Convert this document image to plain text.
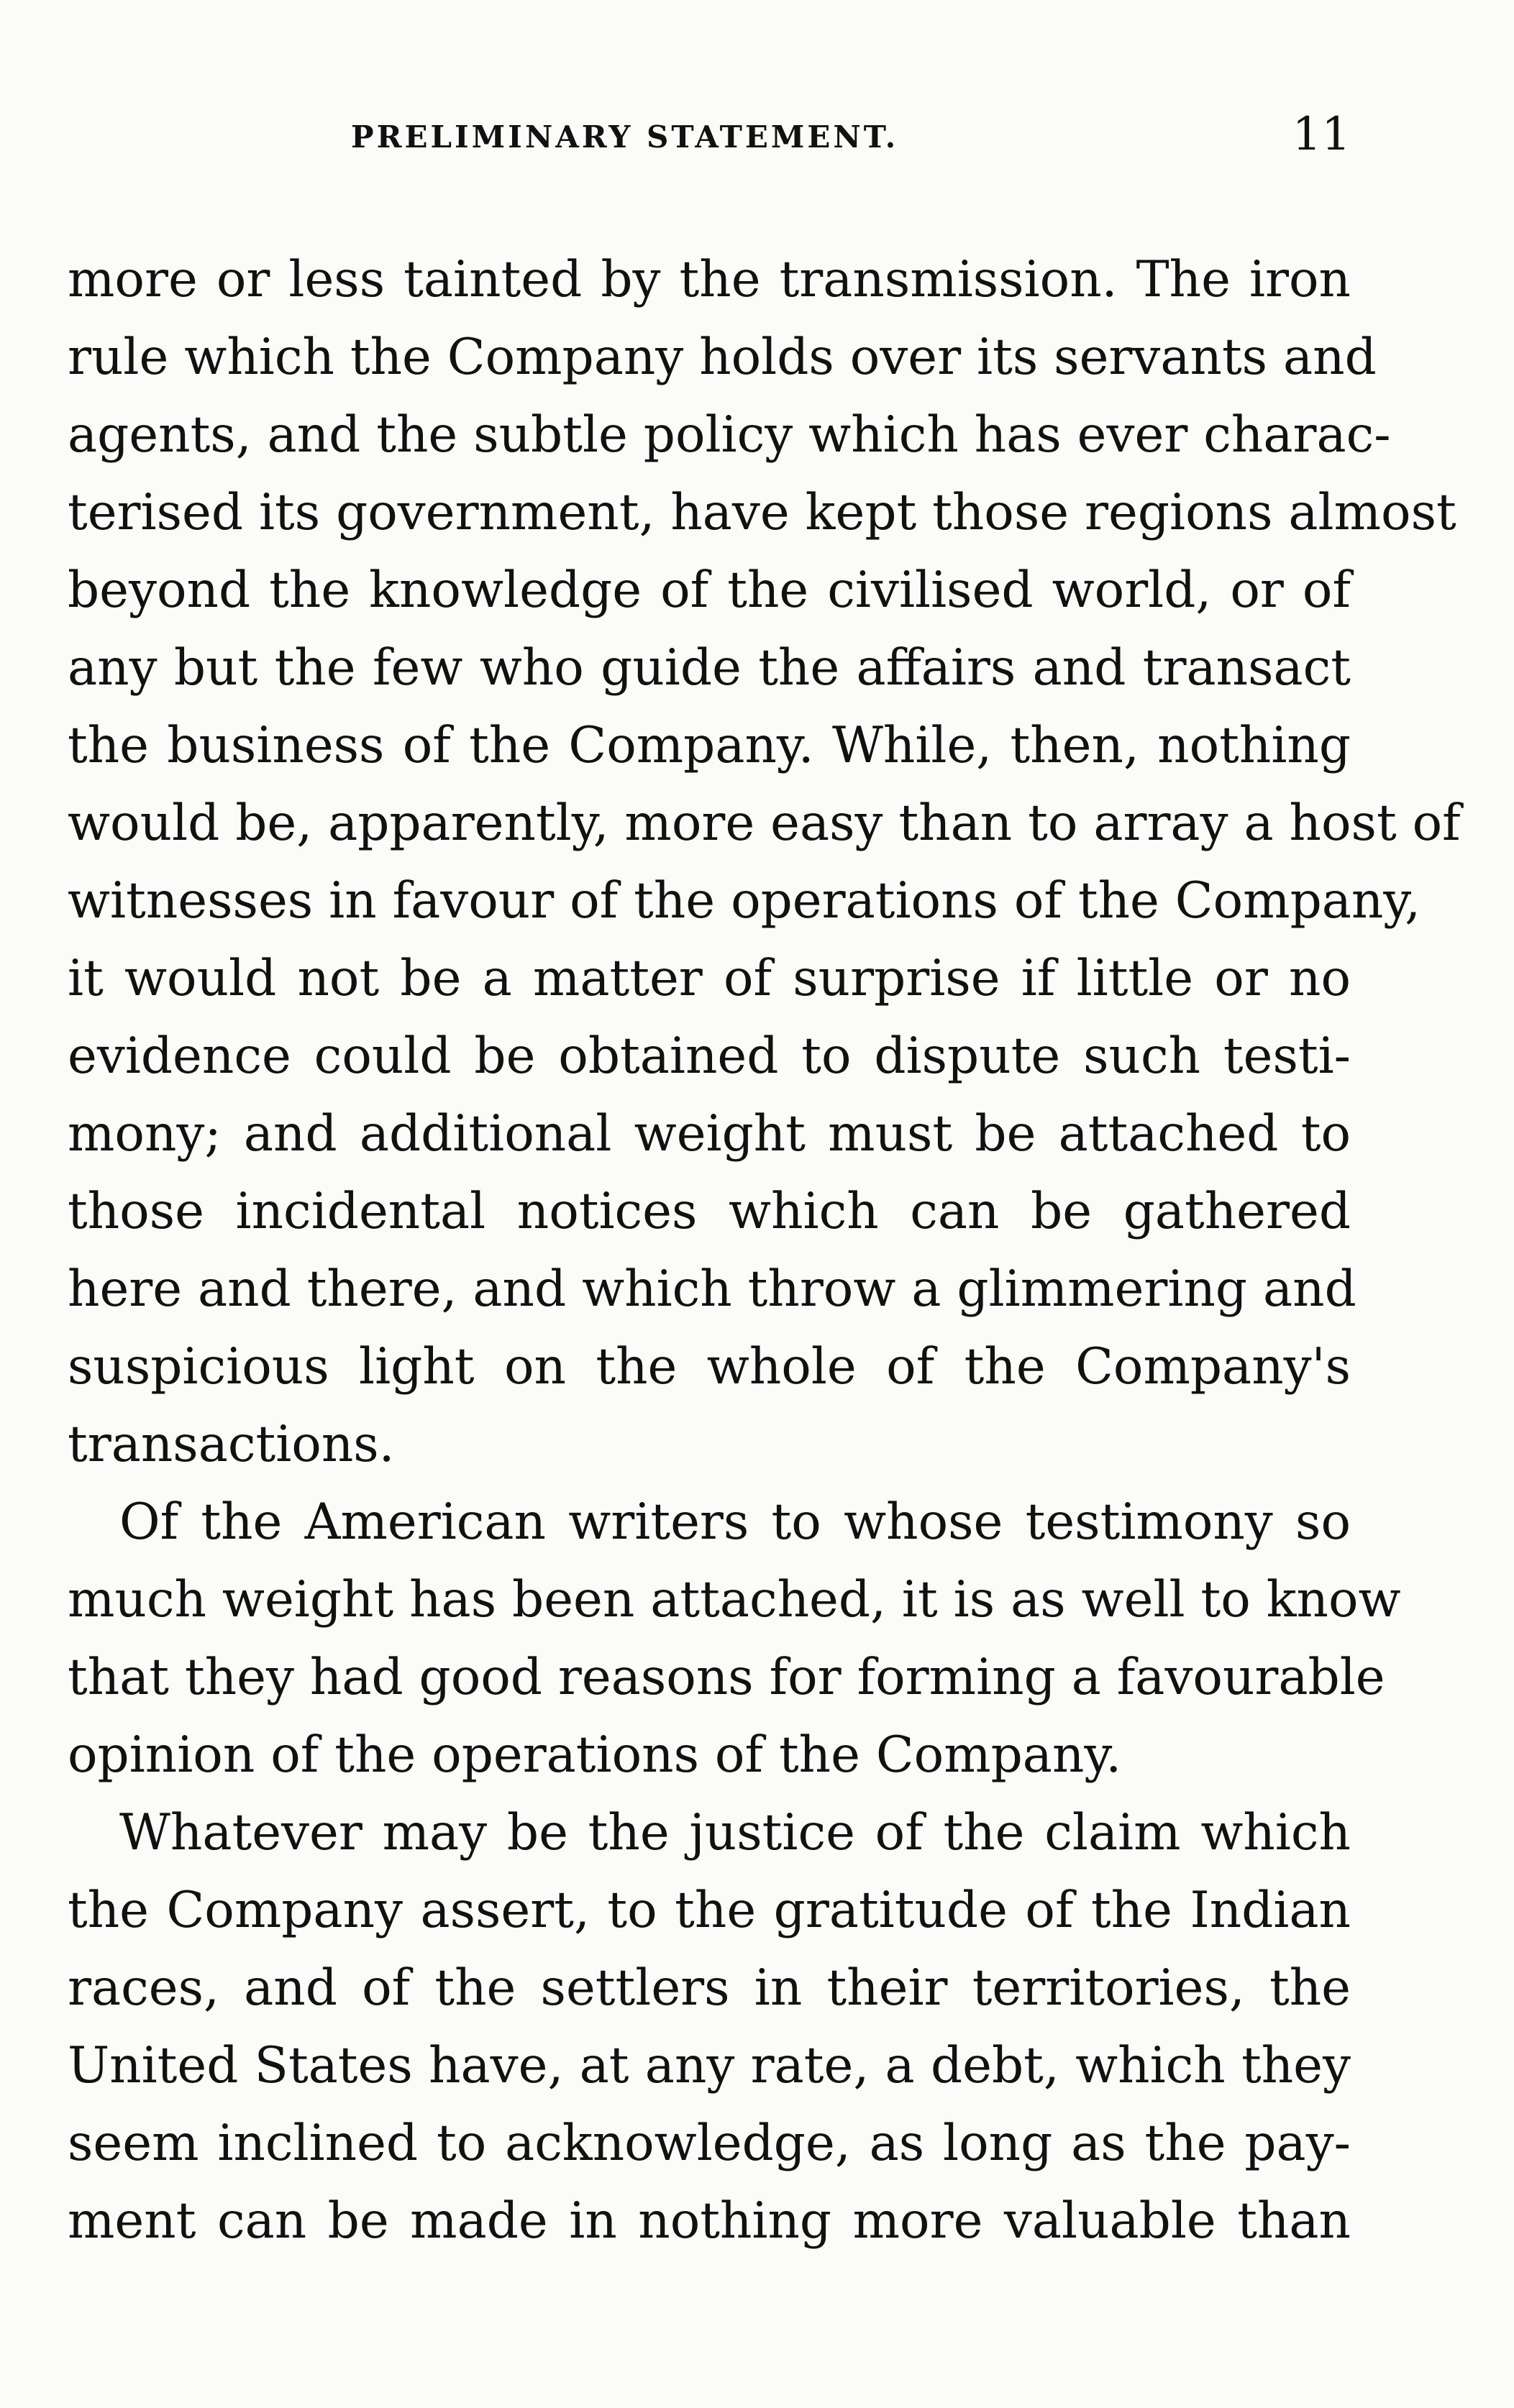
PRELIMINARY STATEMENT.	11
more or less tainted by the transmission. The iron
rule which the Company holds over its servants and
agents, and the subtle policy which has ever charac-
terised its government, have kept those regions almost
beyond the knowledge of the civilised world, or of
any but the few who guide the affairs and transact
the business of the Company. While, then, nothing
would be, apparently, more easy than to array a host of
witnesses in favour of the operations of the Company,
it would not be a matter of surprise if little or no
evidence could be obtained to dispute such testi-
mony; and additional weight must be attached to
those incidental notices which can be gathered
here and there, and which throw a glimmering and
suspicious light on the whole of the Company's
transactions.
Of the American writers to whose testimony so
much weight has been attached, it is as well to know
that they had good reasons for forming a favourable
opinion of the operations of the Company.
Whatever may be the justice of the claim which
the Company assert, to the gratitude of the Indian
races, and of the settlers in their territories, the
United States have, at any rate, a debt, which they
seem inclined to acknowledge, as long as the pay-
ment can be made in nothing more valuable than
